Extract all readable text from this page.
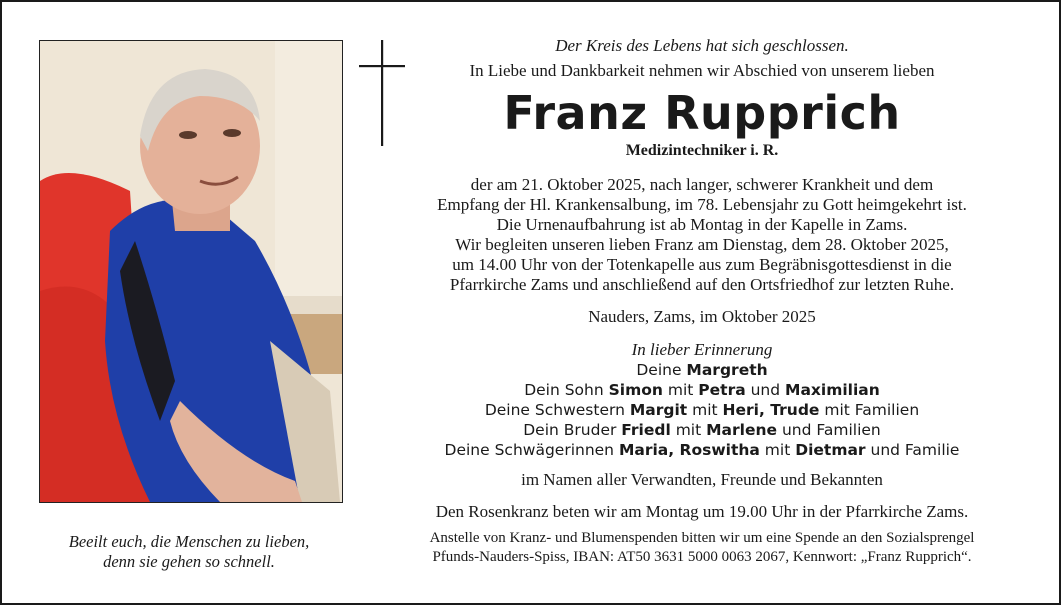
Beeilt euch, die Menschen zu lieben,
denn sie gehen so schnell.
Der Kreis des Lebens hat sich geschlossen.
In Liebe und Dankbarkeit nehmen wir Abschied von unserem lieben
Franz Rupprich
Medizintechniker i. R.
der am 21. Oktober 2025, nach langer, schwerer Krankheit und dem
Empfang der Hl. Krankensalbung, im 78. Lebensjahr zu Gott heimgekehrt ist.
Die Urnenaufbahrung ist ab Montag in der Kapelle in Zams.
Wir begleiten unseren lieben Franz am Dienstag, dem 28. Oktober 2025,
um 14.00 Uhr von der Totenkapelle aus zum Begräbnisgottesdienst in die
Pfarrkirche Zams und anschließend auf den Ortsfriedhof zur letzten Ruhe.
Nauders, Zams, im Oktober 2025
In lieber Erinnerung
Deine Margreth
Dein Sohn Simon mit Petra und Maximilian
Deine Schwestern Margit mit Heri, Trude mit Familien
Dein Bruder Friedl mit Marlene und Familien
Deine Schwägerinnen Maria, Roswitha mit Dietmar und Familie
im Namen aller Verwandten, Freunde und Bekannten
Den Rosenkranz beten wir am Montag um 19.00 Uhr in der Pfarrkirche Zams.
Anstelle von Kranz- und Blumenspenden bitten wir um eine Spende an den Sozialsprengel
Pfunds-Nauders-Spiss, IBAN: AT50 3631 5000 0063 2067, Kennwort: „Franz Rupprich“.
